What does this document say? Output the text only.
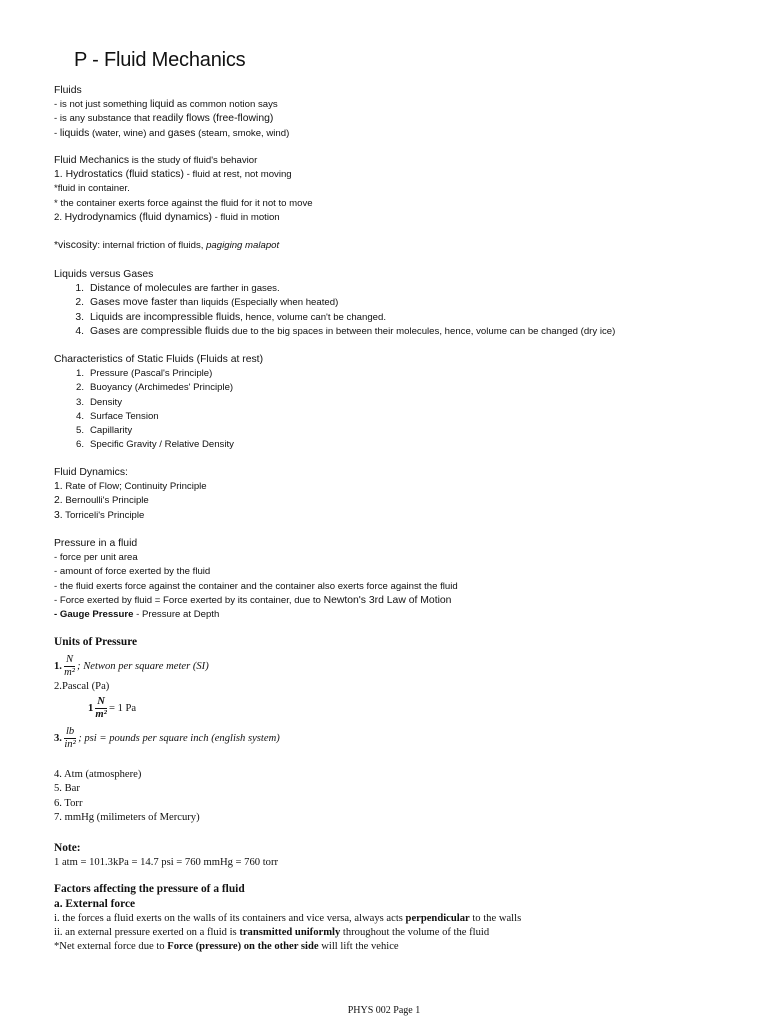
P - Fluid Mechanics
Fluids
- is not just something liquid as common notion says
- is any substance that readily flows (free-flowing)
- liquids (water, wine) and gases (steam, smoke, wind)
Fluid Mechanics is the study of fluid's behavior
1. Hydrostatics (fluid statics) - fluid at rest, not moving
*fluid in container.
* the container exerts force against the fluid for it not to move
2. Hydrodynamics (fluid dynamics) - fluid in motion
*viscosity: internal friction of fluids, pagiging malapot
Liquids versus Gases
1. Distance of molecules are farther in gases.
2. Gases move faster than liquids (Especially when heated)
3. Liquids are incompressible fluids, hence, volume can't be changed.
4. Gases are compressible fluids due to the big spaces in between their molecules, hence, volume can be changed (dry ice)
Characteristics of Static Fluids (Fluids at rest)
1. Pressure (Pascal's Principle)
2. Buoyancy (Archimedes' Principle)
3. Density
4. Surface Tension
5. Capillarity
6. Specific Gravity / Relative Density
Fluid Dynamics:
1. Rate of Flow; Continuity Principle
2. Bernoulli's Principle
3. Torriceli's Principle
Pressure in a fluid
- force per unit area
- amount of force exerted by the fluid
- the fluid exerts force against the container and the container also exerts force against the fluid
- Force exerted by fluid = Force exerted by its container, due to Newton's 3rd Law of Motion
- Gauge Pressure - Pressure at Depth
Units of Pressure
1. $\frac{N}{\text{m²}}$ ; Netwon per square meter (SI)
2.Pascal (Pa)
$1 \frac{N}{\text{m²}} = 1$ Pa
3. $\frac{lb}{\text{in²}}$ ; psi = pounds per square inch (english system)
4. Atm (atmosphere)
5. Bar
6. Torr
7. mmHg (milimeters of Mercury)
Note:
1 atm = 101.3kPa = 14.7 psi = 760 mmHg = 760 torr
Factors affecting the pressure of a fluid
a. External force
i. the forces a fluid exerts on the walls of its containers and vice versa, always acts perpendicular to the walls
ii. an external pressure exerted on a fluid is transmitted uniformly throughout the volume of the fluid
*Net external force due to Force (pressure) on the other side will lift the vehice
PHYS 002 Page 1
